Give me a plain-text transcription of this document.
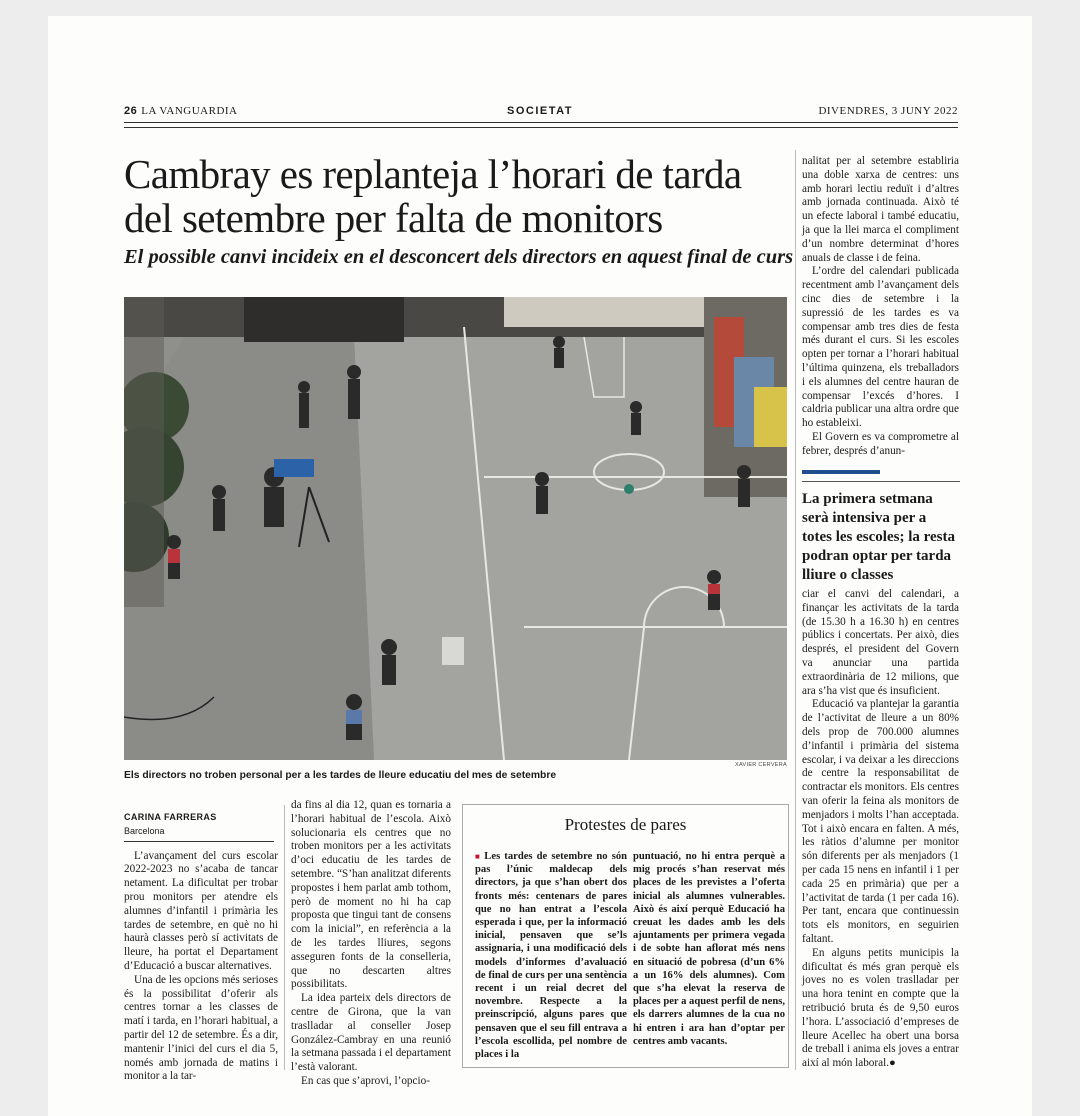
26 LA VANGUARDIA	SOCIETAT	DIVENDRES, 3 JUNY 2022
Cambray es replanteja l’horari de tarda del setembre per falta de monitors
El possible canvi incideix en el desconcert dels directors en aquest final de curs
XAVIER CERVERA
Els directors no troben personal per a les tardes de lleure educatiu del mes de setembre
CARINA FARRERAS
Barcelona

L’avançament del curs escolar 2022-2023 no s’acaba de tancar netament. La dificultat per trobar prou monitors per atendre els alumnes d’infantil i primària les tardes de setembre, en què no hi haurà classes però sí activitats de lleure, ha portat el Departament d’Educació a buscar alternatives.

Una de les opcions més serioses és la possibilitat d’oferir als centres tornar a les classes de matí i tarda, en l’horari habitual, a partir del 12 de setembre. És a dir, mantenir l’inici del curs el dia 5, només amb jornada de matins i monitor a la tar-

da fins al dia 12, quan es tornaria a l’horari habitual de l’escola. Això solucionaria els centres que no troben monitors per a les activitats d’oci educatiu de les tardes de setembre. “S’han analitzat diferents propostes i hem parlat amb tothom, però de moment no hi ha cap proposta que tingui tant de consens com la inicial”, en referència a la de les tardes lliures, segons asseguren fonts de la conselleria, que no descarten altres possibilitats.

La idea parteix dels directors de centre de Girona, que la van traslladar al conseller Josep González-Cambray en una reunió la setmana passada i el departament l’està valorant.

En cas que s’aprovi, l’opcio-

Protestes de pares
■ Les tardes de setembre no són pas l’únic maldecap dels directors, ja que s’han obert dos fronts més: centenars de pares que no han entrat a l’escola esperada i que, per la informació inicial, pensaven que se’ls assignaria, i una modificació dels models d’informes d’avaluació de final de curs per una sentència recent i un reial decret del novembre. Respecte a la preinscripció, alguns pares que pensaven que el seu fill entrava a l’escola escollida, pel nombre de places i la
puntuació, no hi entra perquè a mig procés s’han reservat més places de les previstes a l’oferta inicial als alumnes vulnerables. Això és així perquè Educació ha creuat les dades amb les dels ajuntaments per primera vegada i de sobte han aflorat més nens en situació de pobresa (d’un 6% a un 16% dels alumnes). Com que s’ha elevat la reserva de places per a aquest perfil de nens, els darrers alumnes de la cua no hi entren i ara han d’optar per centres amb vacants.

nalitat per al setembre establiria una doble xarxa de centres: uns amb horari lectiu reduït i d’altres amb jornada continuada. Això té un efecte laboral i també educatiu, ja que la llei marca el compliment d’un nombre determinat d’hores anuals de classe i de feina.

L’ordre del calendari publicada recentment amb l’avançament dels cinc dies de setembre i la supressió de les tardes es va compensar amb tres dies de festa més durant el curs. Si les escoles opten per tornar a l’horari habitual l’última quinzena, els treballadors i els alumnes del centre hauran de compensar l’excés d’hores. I caldria publicar una altra ordre que ho estableixi.

El Govern es va comprometre al febrer, després d’anun-

La primera setmana serà intensiva per a totes les escoles; la resta podran optar per tarda lliure o classes

ciar el canvi del calendari, a finançar les activitats de la tarda (de 15.30 h a 16.30 h) en centres públics i concertats. Per això, dies després, el president del Govern va anunciar una partida extraordinària de 12 milions, que ara s’ha vist que és insuficient.

Educació va plantejar la garantia de l’activitat de lleure a un 80% dels prop de 700.000 alumnes d’infantil i primària del sistema escolar, i va deixar a les direccions de centre la responsabilitat de contractar els monitors. Els centres van oferir la feina als monitors de menjadors i molts l’han acceptada. Tot i això encara en falten. A més, les ràtios d’alumne per monitor són diferents per als menjadors (1 per cada 15 nens en infantil i 1 per cada 25 en primària) que per a l’activitat de tarda (1 per cada 16). Per tant, encara que continuessin tots els monitors, en seguirien faltant.

En alguns petits municipis la dificultat és més gran perquè els joves no es volen traslladar per una hora tenint en compte que la retribució bruta és de 9,50 euros l’hora. L’associació d’empreses de lleure Acellec ha obert una borsa de treball i anima els joves a entrar així al món laboral.●
